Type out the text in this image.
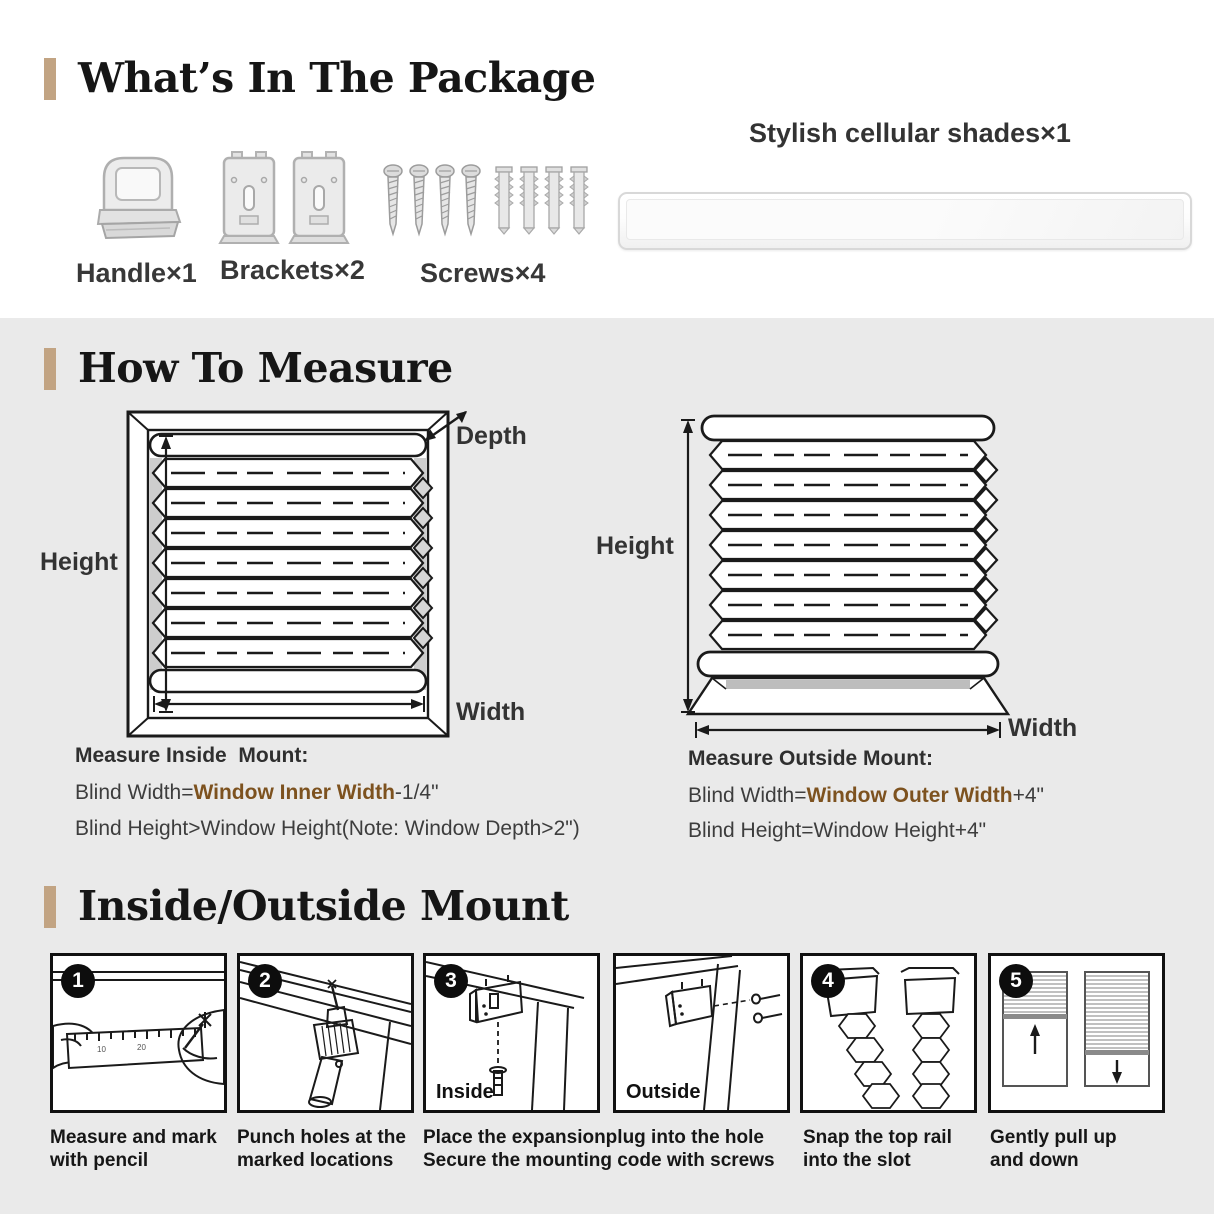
What’s In The Package
Handle×1 Brackets×2 Screws×4
Stylish cellular shades×1
How To Measure
Height
Depth
Width
Height
Width
Measure Inside  Mount:
Blind Width=Window Inner Width-1/4"
Blind Height>Window Height(Note: Window Depth>2")
Measure Outside Mount:
Blind Width=Window Outer Width+4"
Blind Height=Window Height+4"
Inside/Outside Mount
10	20
1	2	3
Inside	Outside
4	5
Measure and mark
with pencil
Punch holes at the
marked locations
Place the expansionplug into the hole
Secure the mounting code with screws
Snap the top rail
into the slot
Gently pull up
and down
